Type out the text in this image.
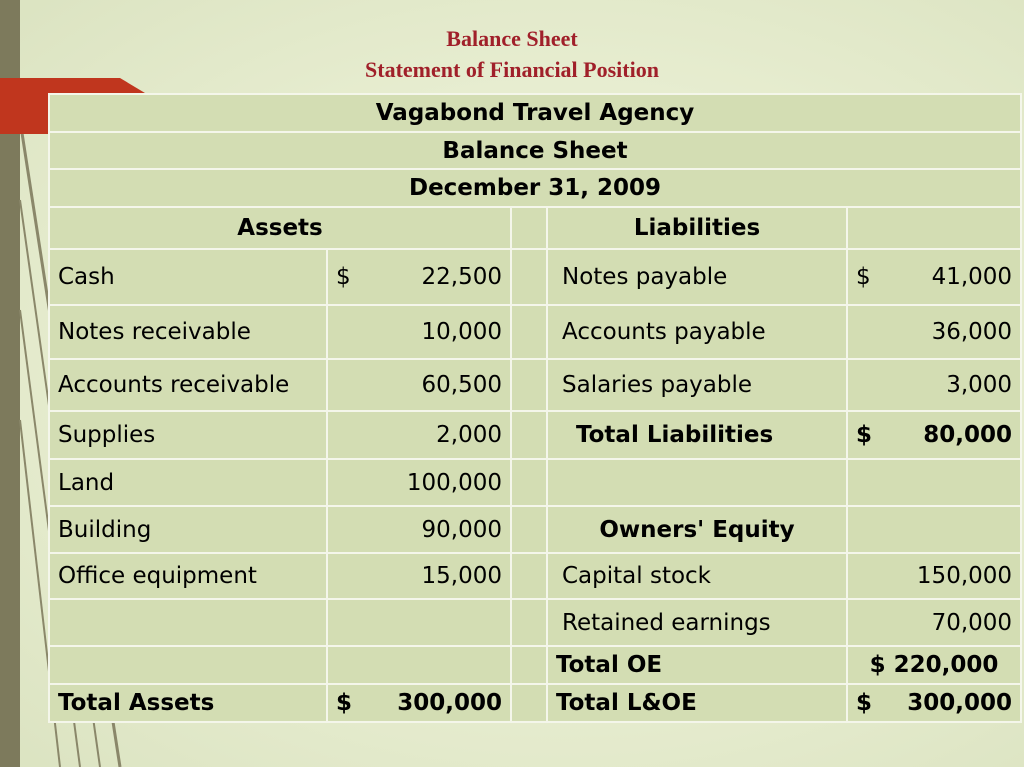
Balance Sheet
Statement of Financial Position
Vagabond Travel Agency				
Balance Sheet				
December 31, 2009				
Assets			Liabilities	
Cash	$ 22,500		Notes payable	$ 41,000
Notes receivable	10,000		Accounts payable	36,000
Accounts receivable	60,500		Salaries payable	3,000
Supplies	2,000		Total Liabilities	$ 80,000
Land	100,000			
Building	90,000		Owners' Equity	
Office equipment	15,000		Capital stock	150,000
			Retained earnings	70,000
			Total OE	$ 220,000
Total Assets	$ 300,000		Total L&OE	$ 300,000
